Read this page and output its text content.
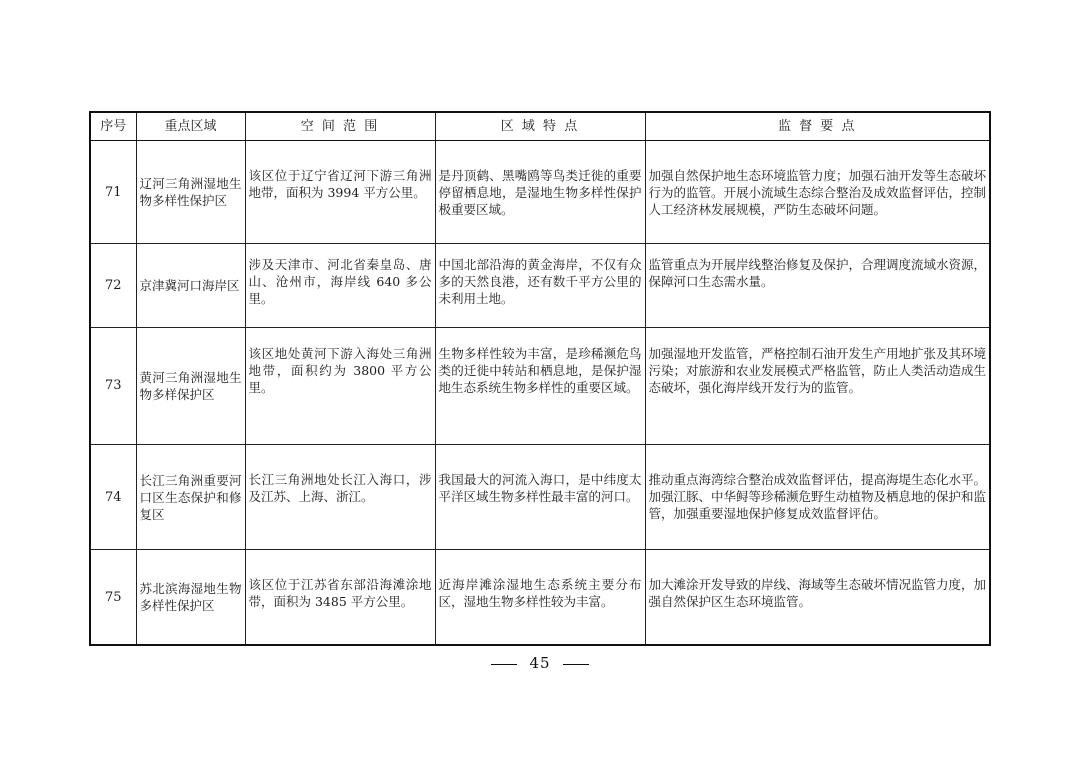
序号	重点区域	空 间 范 围	区 域 特 点	监 督 要 点
71	辽河三角洲湿地生物多样性保护区	该区位于辽宁省辽河下游三角洲地带，面积为 3994 平方公里。	是丹顶鹤、黑嘴鸥等鸟类迁徙的重要停留栖息地，是湿地生物多样性保护极重要区域。	加强自然保护地生态环境监管力度；加强石油开发等生态破坏行为的监管。开展小流域生态综合整治及成效监督评估，控制人工经济林发展规模，严防生态破坏问题。
72	京津冀河口海岸区	涉及天津市、河北省秦皇岛、唐山、沧州市，海岸线 640 多公里。	中国北部沿海的黄金海岸，不仅有众多的天然良港，还有数千平方公里的未利用土地。	监管重点为开展岸线整治修复及保护，合理调度流域水资源，保障河口生态需水量。
73	黄河三角洲湿地生物多样保护区	该区地处黄河下游入海处三角洲地带，面积约为 3800 平方公里。	生物多样性较为丰富，是珍稀濒危鸟类的迁徙中转站和栖息地，是保护湿地生态系统生物多样性的重要区域。	加强湿地开发监管，严格控制石油开发生产用地扩张及其环境污染；对旅游和农业发展模式严格监管，防止人类活动造成生态破坏，强化海岸线开发行为的监管。
74	长江三角洲重要河口区生态保护和修复区	长江三角洲地处长江入海口，涉及江苏、上海、浙江。	我国最大的河流入海口，是中纬度太平洋区域生物多样性最丰富的河口。	推动重点海湾综合整治成效监督评估，提高海堤生态化水平。加强江豚、中华鲟等珍稀濒危野生动植物及栖息地的保护和监管，加强重要湿地保护修复成效监督评估。
75	苏北滨海湿地生物多样性保护区	该区位于江苏省东部沿海滩涂地带，面积为 3485 平方公里。	近海岸滩涂湿地生态系统主要分布区，湿地生物多样性较为丰富。	加大滩涂开发导致的岸线、海域等生态破坏情况监管力度，加强自然保护区生态环境监管。
45
